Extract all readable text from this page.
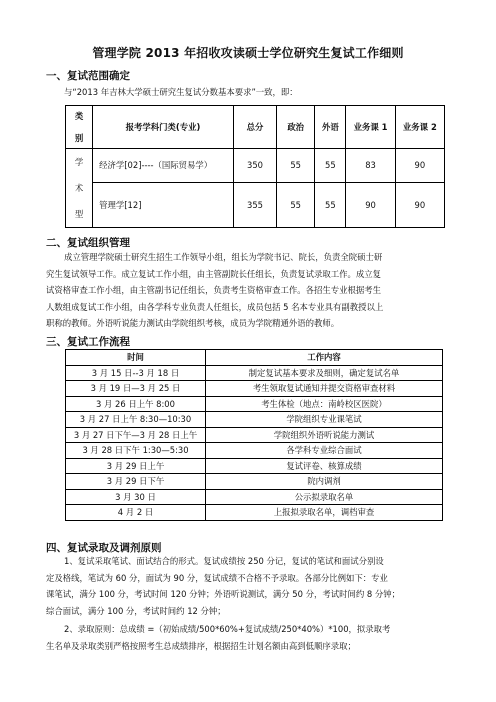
管理学院 2013 年招收攻读硕士学位研究生复试工作细则
一、复试范围确定
与“2013 年吉林大学硕士研究生复试分数基本要求”一致，即：
类
别	报考学科门类(专业)	总分	政治	外语	业务课 1	业务课 2

学
术
型	经济学[02]----（国际贸易学）	350	55	55	83	90
	管理学[12]	355	55	55	90	90
二、复试组织管理
成立管理学院硕士研究生招生工作领导小组，组长为学院书记、院长，负责全院硕士研
究生复试领导工作。成立复试工作小组，由主管副院长任组长，负责复试录取工作。成立复
试资格审查工作小组，由主管副书记任组长，负责考生资格审查工作。各招生专业根据考生
人数组成复试工作小组，由各学科专业负责人任组长，成员包括 5 名本专业具有副教授以上
职称的教师。外语听说能力测试由学院组织考核，成员为学院精通外语的教师。
三、复试工作流程
时间	工作内容
3 月 15 日--3 月 18 日	制定复试基本要求及细则，确定复试名单
3 月 19 日—3 月 25 日	考生领取复试通知并提交资格审查材料
3 月 26 日上午 8:00	考生体检（地点：南岭校区医院）
3 月 27 日上午 8:30—10:30	学院组织专业课笔试
3 月 27 日下午—3 月 28 日上午	学院组织外语听说能力测试
3 月 28 日下午 1:30—5:30	各学科专业综合面试
3 月 29 日上午	复试评卷、核算成绩
3 月 29 日下午	院内调剂
3 月 30 日	公示拟录取名单
4 月 2 日	上报拟录取名单，调档审查
四、复试录取及调剂原则
1、复试采取笔试、面试结合的形式。复试成绩按 250 分记，复试的笔试和面试分别设
定及格线，笔试为 60 分，面试为 90 分，复试成绩不合格不予录取。各部分比例如下：专业
课笔试，满分 100 分，考试时间 120 分钟；外语听说测试，满分 50 分，考试时间约 8 分钟；
综合面试，满分 100 分，考试时间约 12 分钟；
2、录取原则：总成绩 =（初始成绩/500*60%+复试成绩/250*40%）*100，拟录取考
生名单及录取类别严格按照考生总成绩排序，根据招生计划名额由高到低顺序录取；
